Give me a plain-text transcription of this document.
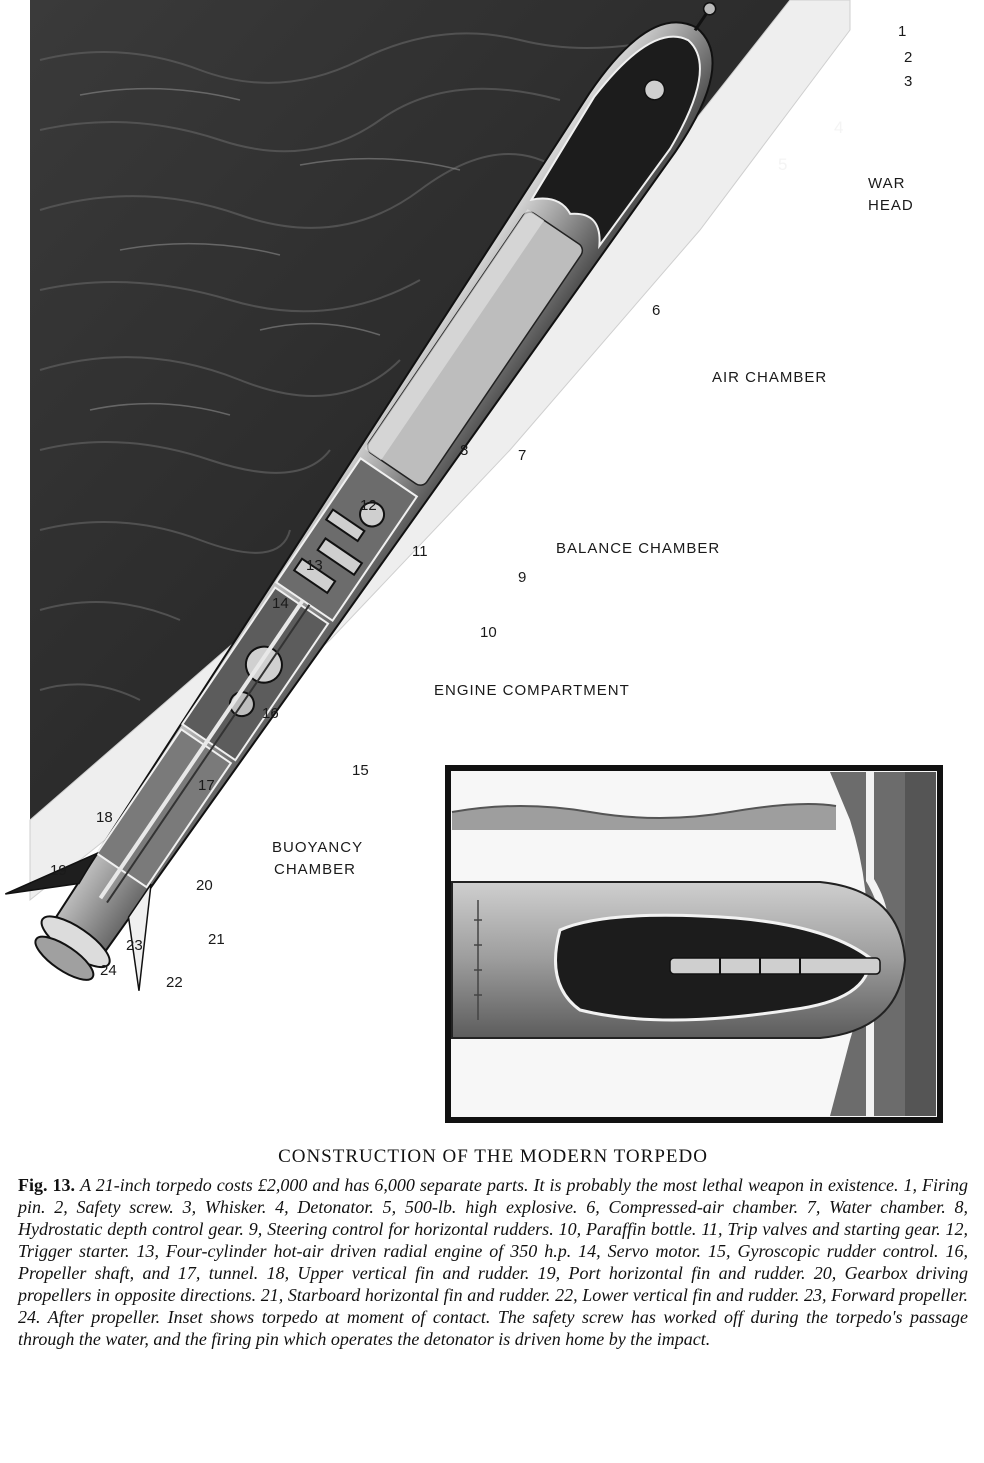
WAR
HEAD
AIR CHAMBER
BALANCE CHAMBER
ENGINE COMPARTMENT
BUOYANCY
CHAMBER
1
2
3
4
5
6
7
8
9
10
11
12
13
14
15
16
17
18
19
20
21
22
23
24

CONSTRUCTION OF THE MODERN TORPEDO

Fig. 13. A 21-inch torpedo costs £2,000 and has 6,000 separate parts. It is probably the most lethal weapon in existence. 1, Firing pin. 2, Safety screw. 3, Whisker. 4, Detonator. 5, 500-lb. high explosive. 6, Compressed-air chamber. 7, Water chamber. 8, Hydrostatic depth control gear. 9, Steering control for horizontal rudders. 10, Paraffin bottle. 11, Trip valves and starting gear. 12, Trigger starter. 13, Four-cylinder hot-air driven radial engine of 350 h.p. 14, Servo motor. 15, Gyroscopic rudder control. 16, Propeller shaft, and 17, tunnel. 18, Upper vertical fin and rudder. 19, Port horizontal fin and rudder. 20, Gearbox driving propellers in opposite directions. 21, Starboard horizontal fin and rudder. 22, Lower vertical fin and rudder. 23, Forward propeller. 24. After propeller. Inset shows torpedo at moment of contact. The safety screw has worked off during the torpedo's passage through the water, and the firing pin which operates the detonator is driven home by the impact.
